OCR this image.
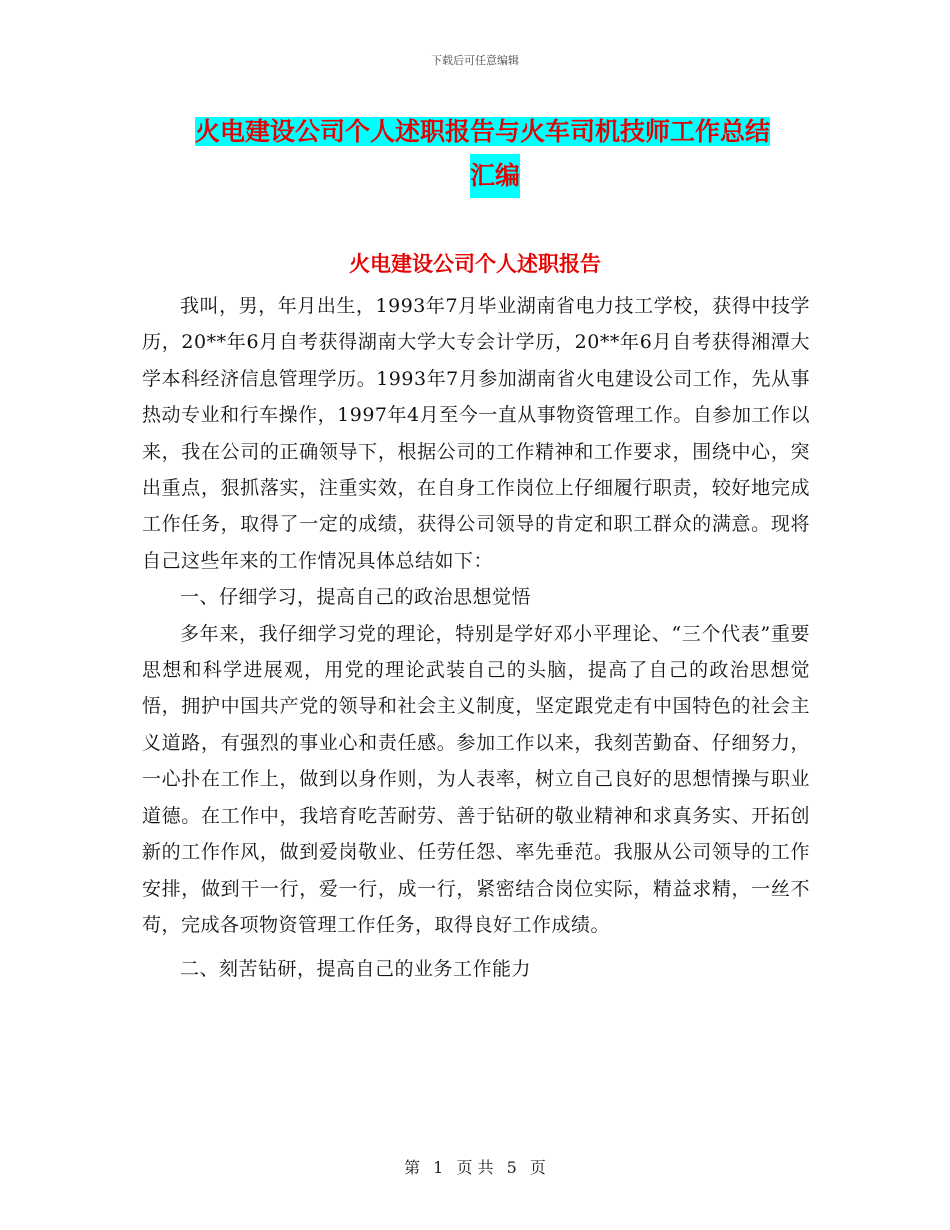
下载后可任意编辑
火电建设公司个人述职报告与火车司机技师工作总结
汇编
火电建设公司个人述职报告

我叫，男，年月出生，1993年7月毕业湖南省电力技工学校，获得中技学历，20**年6月自考获得湖南大学大专会计学历，20**年6月自考获得湘潭大学本科经济信息管理学历。1993年7月参加湖南省火电建设公司工作，先从事热动专业和行车操作，1997年4月至今一直从事物资管理工作。自参加工作以来，我在公司的正确领导下，根据公司的工作精神和工作要求，围绕中心，突出重点，狠抓落实，注重实效，在自身工作岗位上仔细履行职责，较好地完成工作任务，取得了一定的成绩，获得公司领导的肯定和职工群众的满意。现将自己这些年来的工作情况具体总结如下：

一、仔细学习，提高自己的政治思想觉悟

多年来，我仔细学习党的理论，特别是学好邓小平理论、“三个代表”重要思想和科学进展观，用党的理论武装自己的头脑，提高了自己的政治思想觉悟，拥护中国共产党的领导和社会主义制度，坚定跟党走有中国特色的社会主义道路，有强烈的事业心和责任感。参加工作以来，我刻苦勤奋、仔细努力，一心扑在工作上，做到以身作则，为人表率，树立自己良好的思想情操与职业道德。在工作中，我培育吃苦耐劳、善于钻研的敬业精神和求真务实、开拓创新的工作作风，做到爱岗敬业、任劳任怨、率先垂范。我服从公司领导的工作安排，做到干一行，爱一行，成一行，紧密结合岗位实际，精益求精，一丝不苟，完成各项物资管理工作任务，取得良好工作成绩。

二、刻苦钻研，提高自己的业务工作能力

第 1 页 共 5 页
